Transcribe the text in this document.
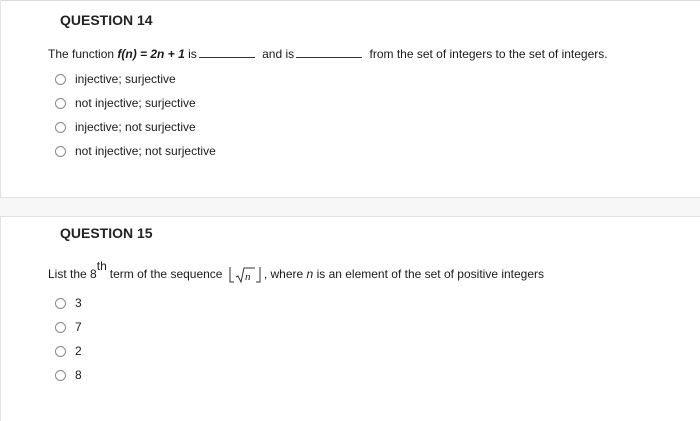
QUESTION 14
The function f(n) = 2n + 1 is	and is	from the set of integers to the set of integers.
injective; surjective
not injective; surjective
injective; not surjective
not injective; not surjective
QUESTION 15
List the 8thterm of the sequence n , where n is an element of the set of positive integers
3
7
2
8
